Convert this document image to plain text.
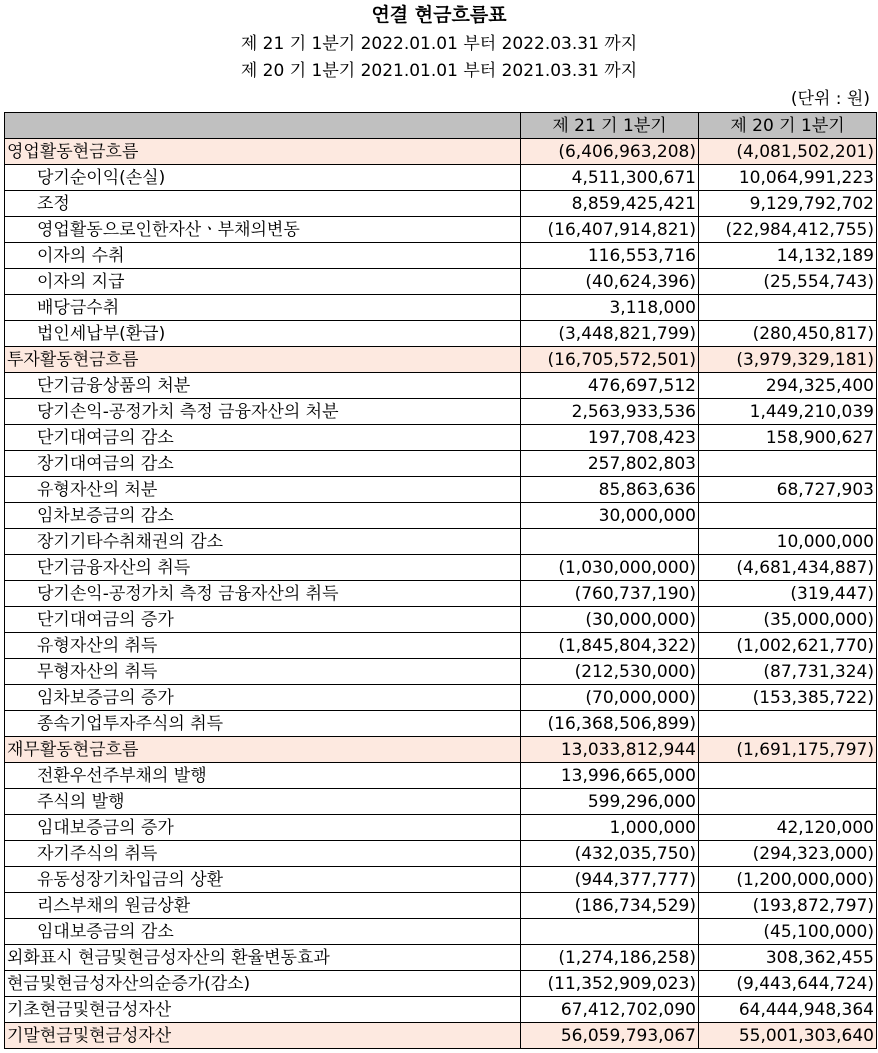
연결 현금흐름표
제 21 기 1분기 2022.01.01 부터 2022.03.31 까지
제 20 기 1분기 2021.01.01 부터 2021.03.31 까지
(단위 : 원)
	제 21 기 1분기	제 20 기 1분기
영업활동현금흐름	(6,406,963,208)	(4,081,502,201)
당기순이익(손실)	4,511,300,671	10,064,991,223
조정	8,859,425,421	9,129,792,702
영업활동으로인한자산ㆍ부채의변동	(16,407,914,821)	(22,984,412,755)
이자의 수취	116,553,716	14,132,189
이자의 지급	(40,624,396)	(25,554,743)
배당금수취	3,118,000	
법인세납부(환급)	(3,448,821,799)	(280,450,817)
투자활동현금흐름	(16,705,572,501)	(3,979,329,181)
단기금융상품의 처분	476,697,512	294,325,400
당기손익-공정가치 측정 금융자산의 처분	2,563,933,536	1,449,210,039
단기대여금의 감소	197,708,423	158,900,627
장기대여금의 감소	257,802,803	
유형자산의 처분	85,863,636	68,727,903
임차보증금의 감소	30,000,000	
장기기타수취채권의 감소		10,000,000
단기금융자산의 취득	(1,030,000,000)	(4,681,434,887)
당기손익-공정가치 측정 금융자산의 취득	(760,737,190)	(319,447)
단기대여금의 증가	(30,000,000)	(35,000,000)
유형자산의 취득	(1,845,804,322)	(1,002,621,770)
무형자산의 취득	(212,530,000)	(87,731,324)
임차보증금의 증가	(70,000,000)	(153,385,722)
종속기업투자주식의 취득	(16,368,506,899)	
재무활동현금흐름	13,033,812,944	(1,691,175,797)
전환우선주부채의 발행	13,996,665,000	
주식의 발행	599,296,000	
임대보증금의 증가	1,000,000	42,120,000
자기주식의 취득	(432,035,750)	(294,323,000)
유동성장기차입금의 상환	(944,377,777)	(1,200,000,000)
리스부채의 원금상환	(186,734,529)	(193,872,797)
임대보증금의 감소		(45,100,000)
외화표시 현금및현금성자산의 환율변동효과	(1,274,186,258)	308,362,455
현금및현금성자산의순증가(감소)	(11,352,909,023)	(9,443,644,724)
기초현금및현금성자산	67,412,702,090	64,444,948,364
기말현금및현금성자산	56,059,793,067	55,001,303,640
